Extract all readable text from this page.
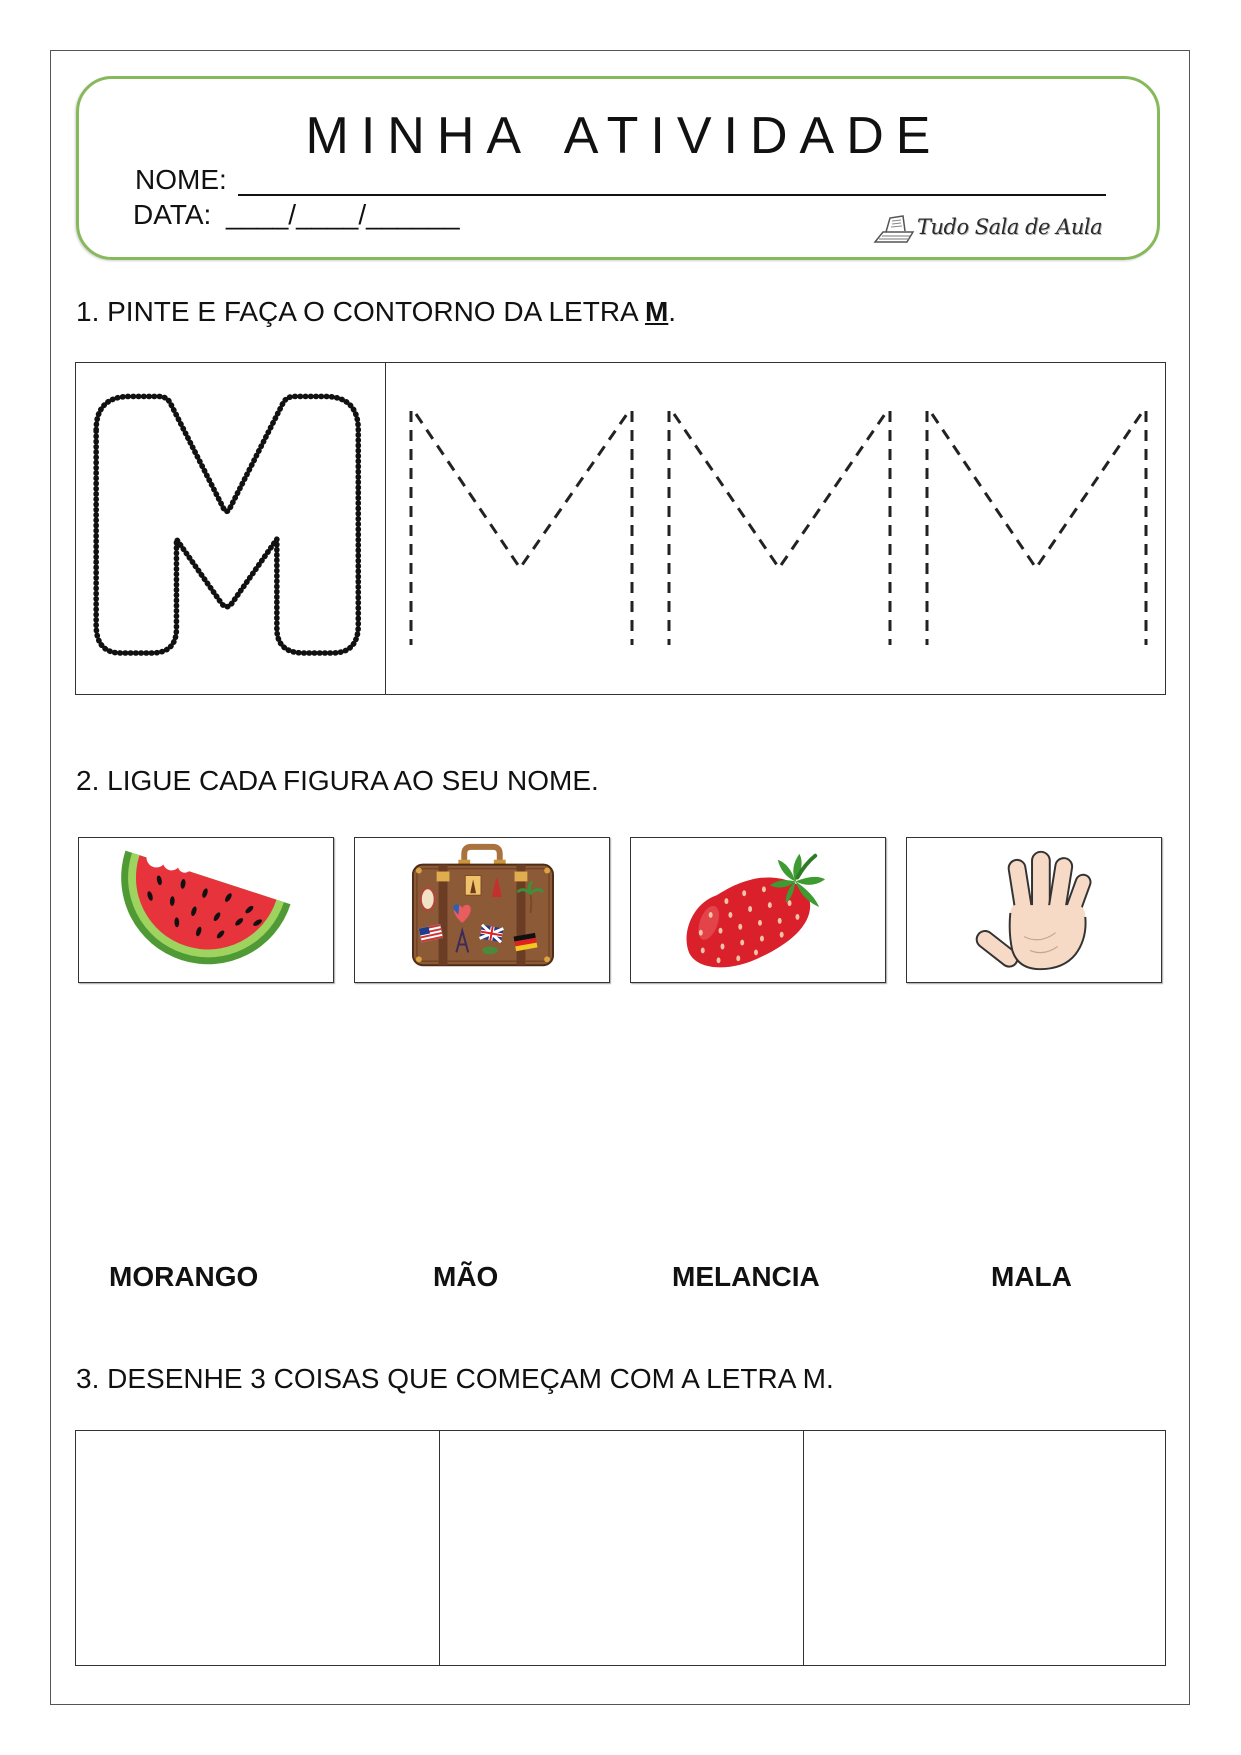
MINHA ATIVIDADE
NOME:
DATA: ____/____/______	Tudo Sala de Aula
1. PINTE E FAÇA O CONTORNO DA LETRA M.
2. LIGUE CADA FIGURA AO SEU NOME.
MORANGO	MÃO	MELANCIA	MALA
3. DESENHE 3 COISAS QUE COMEÇAM COM A LETRA M.
